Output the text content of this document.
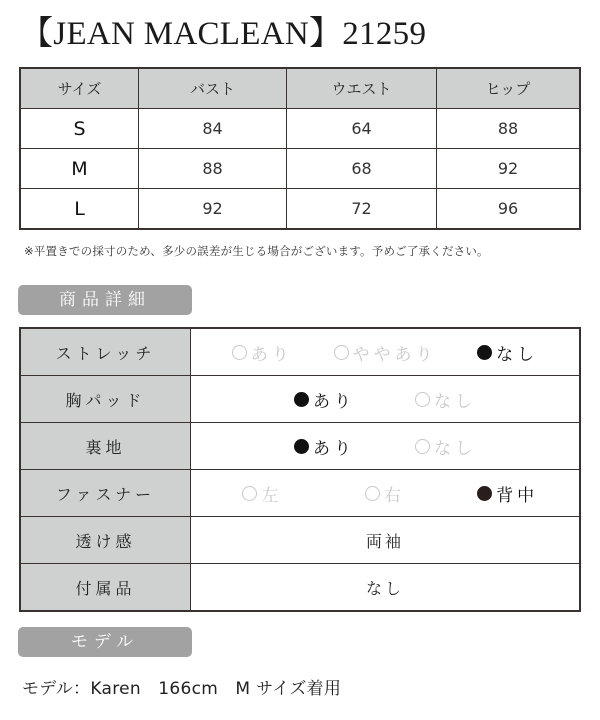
【JEAN MACLEAN】21259
サイズ	バスト	ウエスト	ヒップ
S	84	64	88
M	88	68	92
L	92	72	96
※平置きでの採寸のため、多少の誤差が生じる場合がございます。予めご了承ください。
商品詳細
ストレッチ	あり ややあり なし

胸パッド	あり なし

裏地	あり なし

ファスナー	左 右 背中

透け感	両袖
付属品	なし
モデル
モデル：Karen　166cm　M サイズ着用
